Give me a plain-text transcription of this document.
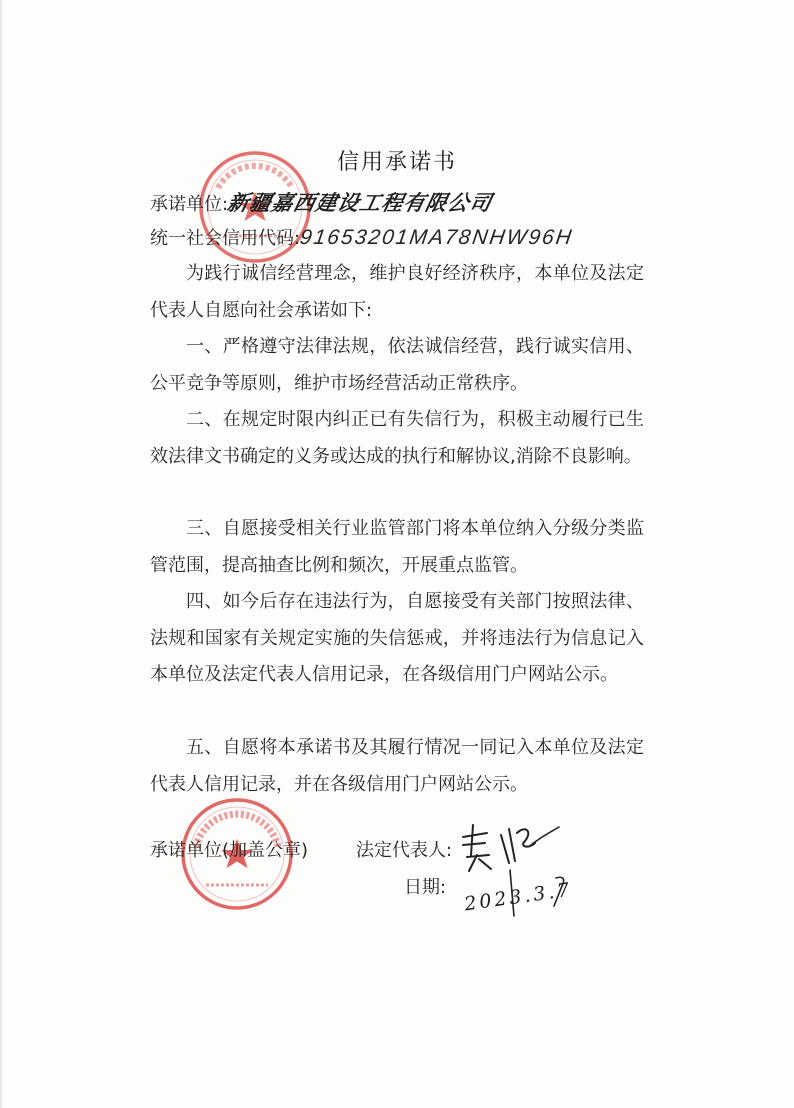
信用承诺书
承诺单位:新疆嘉西建设工程有限公司
统一社会信用代码:91653201MA78NHW96H
为践行诚信经营理念，维护良好经济秩序，本单位及法定代表人自愿向社会承诺如下:
一、严格遵守法律法规，依法诚信经营，践行诚实信用、公平竞争等原则，维护市场经营活动正常秩序。
二、在规定时限内纠正已有失信行为，积极主动履行已生效法律文书确定的义务或达成的执行和解协议,消除不良影响。
三、自愿接受相关行业监管部门将本单位纳入分级分类监管范围，提高抽查比例和频次，开展重点监管。
四、如今后存在违法行为，自愿接受有关部门按照法律、法规和国家有关规定实施的失信惩戒，并将违法行为信息记入本单位及法定代表人信用记录，在各级信用门户网站公示。
五、自愿将本承诺书及其履行情况一同记入本单位及法定代表人信用记录，并在各级信用门户网站公示。
承诺单位(加盖公章)	法定代表人:
日期: 2023.3.7
